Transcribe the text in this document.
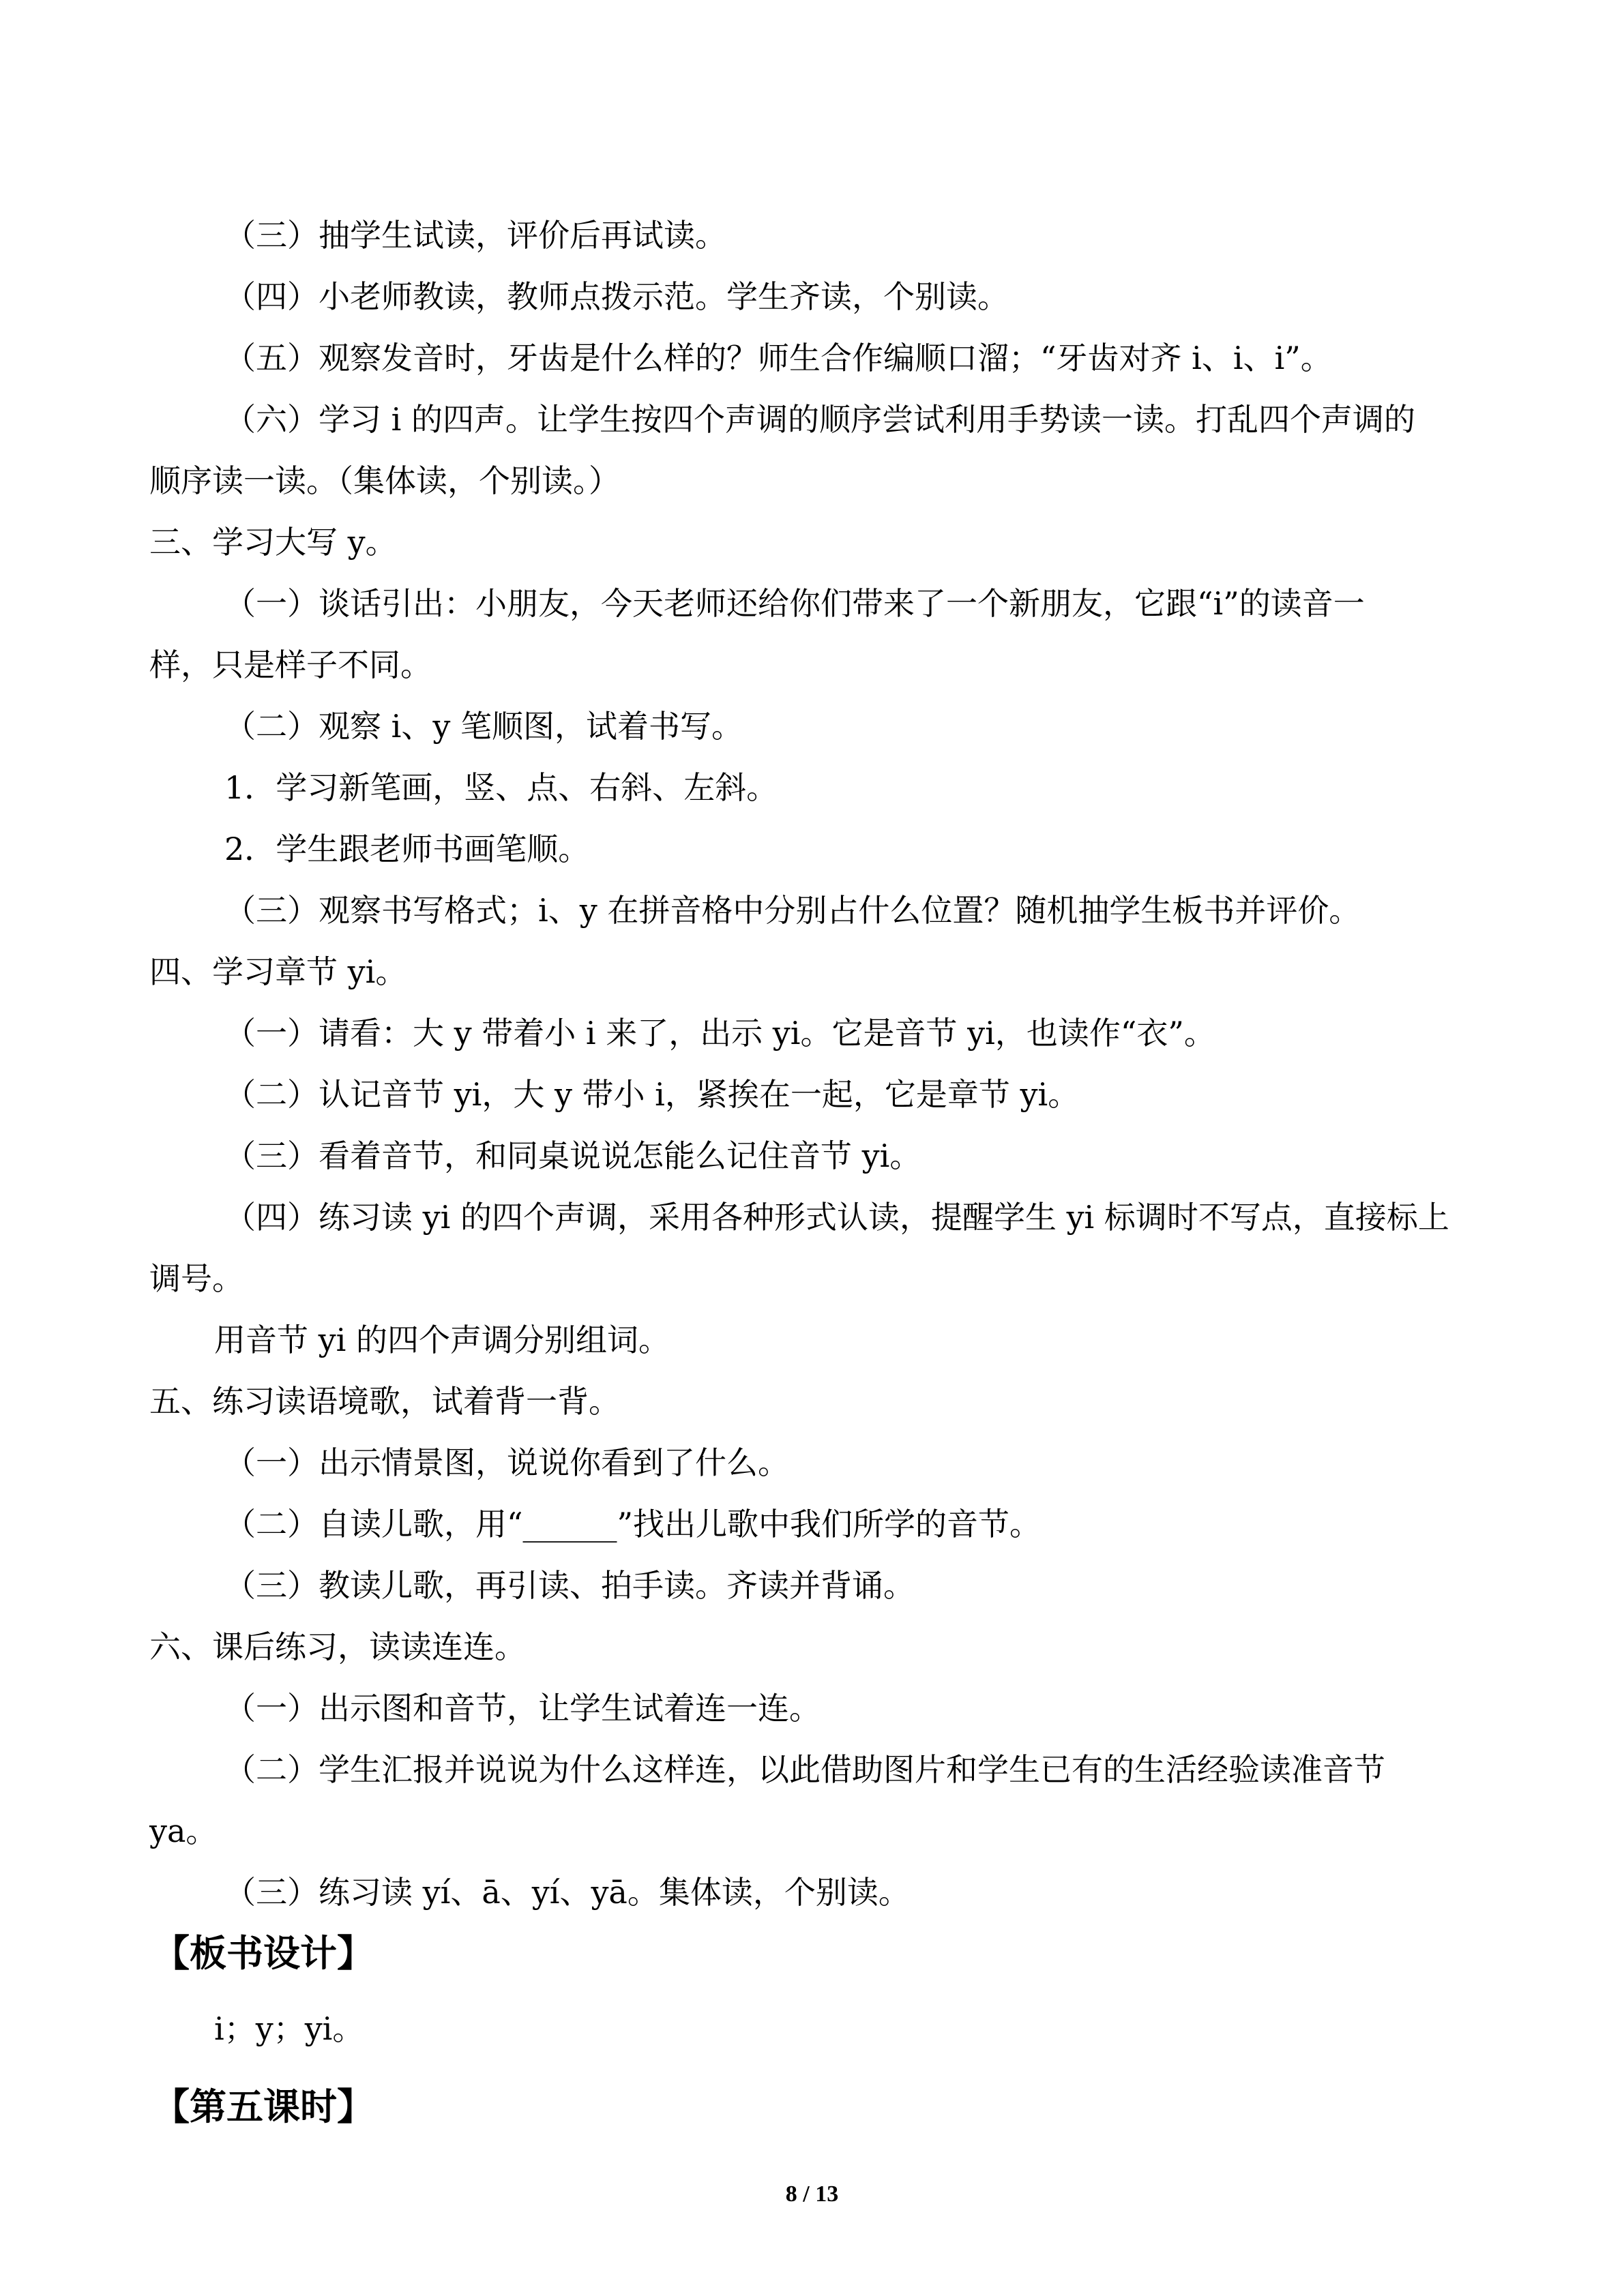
（三）抽学生试读，评价后再试读。
（四）小老师教读，教师点拨示范。学生齐读，个别读。
（五）观察发音时，牙齿是什么样的？师生合作编顺口溜；“牙齿对齐 i、i、i”。
（六）学习 i 的四声。让学生按四个声调的顺序尝试利用手势读一读。打乱四个声调的
顺序读一读。（集体读，个别读。）
三、学习大写 y。
（一）谈话引出：小朋友，今天老师还给你们带来了一个新朋友，它跟“i”的读音一
样，只是样子不同。
（二）观察 i、y 笔顺图，试着书写。
1．学习新笔画，竖、点、右斜、左斜。
2．学生跟老师书画笔顺。
（三）观察书写格式；i、y 在拼音格中分别占什么位置？随机抽学生板书并评价。
四、学习章节 yi。
（一）请看：大 y 带着小 i 来了，出示 yi。它是音节 yi，也读作“衣”。
（二）认记音节 yi，大 y 带小 i，紧挨在一起，它是章节 yi。
（三）看着音节，和同桌说说怎能么记住音节 yi。
（四）练习读 yi 的四个声调，采用各种形式认读，提醒学生 yi 标调时不写点，直接标上
调号。
用音节 yi 的四个声调分别组词。
五、练习读语境歌，试着背一背。
（一）出示情景图，说说你看到了什么。
（二）自读儿歌，用“______”找出儿歌中我们所学的音节。
（三）教读儿歌，再引读、拍手读。齐读并背诵。
六、课后练习，读读连连。
（一）出示图和音节，让学生试着连一连。
（二）学生汇报并说说为什么这样连，以此借助图片和学生已有的生活经验读准音节
ya。
（三）练习读 yí、ā、yí、yā。集体读，个别读。
【板书设计】
i；y；yi。
【第五课时】
8 / 13
